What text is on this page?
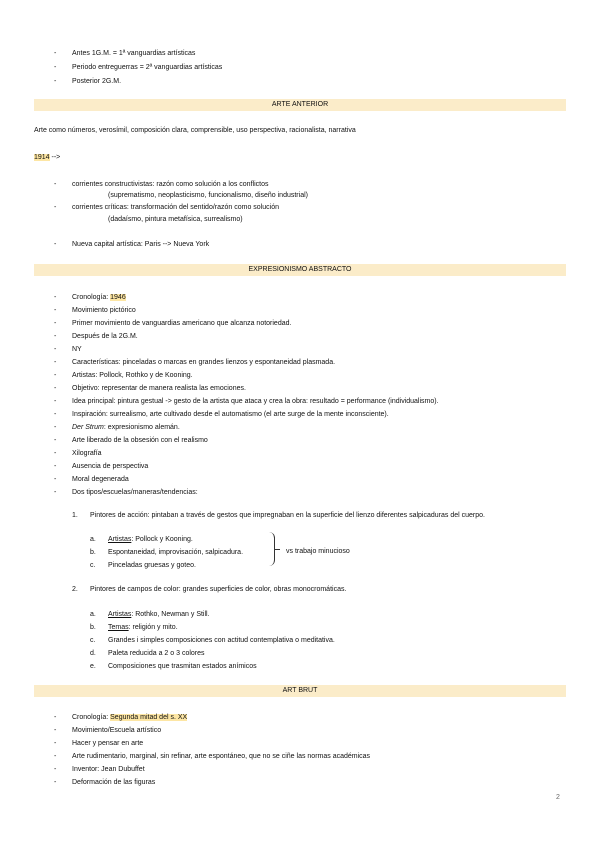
- Antes 1G.M. = 1ª vanguardias artísticas
- Periodo entreguerras = 2ª vanguardias artísticas
- Posterior 2G.M.
ARTE ANTERIOR
Arte como números, verosímil, composición clara, comprensible, uso perspectiva, racionalista, narrativa
1914 -->
- corrientes constructivistas: razón como solución a los conflictos
(suprematismo, neoplasticismo, funcionalismo, diseño industrial)
- corrientes críticas: transformación del sentido/razón como solución
(dadaísmo, pintura metafísica, surrealismo)
- Nueva capital artística: Paris --> Nueva York
EXPRESIONISMO ABSTRACTO
- Cronología: 1946
- Movimiento pictórico
- Primer movimiento de vanguardias americano que alcanza notoriedad.
- Después de la 2G.M.
- NY
- Características: pinceladas o marcas en grandes lienzos y espontaneidad plasmada.
- Artistas: Pollock, Rothko y de Kooning.
- Objetivo: representar de manera realista las emociones.
- Idea principal: pintura gestual -> gesto de la artista que ataca y crea la obra: resultado = performance (individualismo).
- Inspiración: surrealismo, arte cultivado desde el automatismo (el arte surge de la mente inconsciente).
- Der Strum: expresionismo alemán.
- Arte liberado de la obsesión con el realismo
- Xilografía
- Ausencia de perspectiva
- Moral degenerada
- Dos tipos/escuelas/maneras/tendencias:
1. Pintores de acción: pintaban a través de gestos que impregnaban en la superficie del lienzo diferentes salpicaduras del cuerpo.
a. Artistas: Pollock y Kooning.
b. Espontaneidad, improvisación, salpicadura.
c. Pinceladas gruesas y goteo.
vs trabajo minucioso
2. Pintores de campos de color: grandes superficies de color, obras monocromáticas.
a. Artistas: Rothko, Newman y Still.
b. Temas: religión y mito.
c. Grandes i simples composiciones con actitud contemplativa o meditativa.
d. Paleta reducida a 2 o 3 colores
e. Composiciones que trasmitan estados anímicos
ART BRUT
- Cronología: Segunda mitad del s. XX
- Movimiento/Escuela artístico
- Hacer y pensar en arte
- Arte rudimentario, marginal, sin refinar, arte espontáneo, que no se ciñe las normas académicas
- Inventor: Jean Dubuffet
- Deformación de las figuras
2
